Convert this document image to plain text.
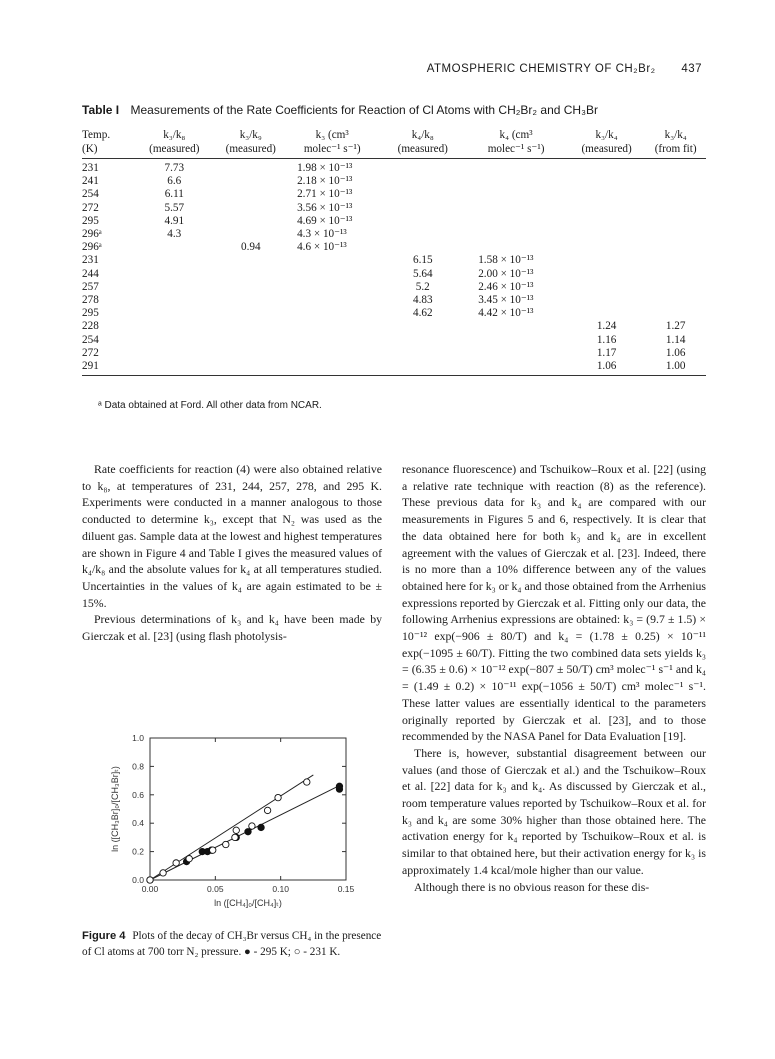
ATMOSPHERIC CHEMISTRY OF CH₂Br₂ 437
Table I Measurements of the Rate Coefficients for Reaction of Cl Atoms with CH₂Br₂ and CH₃Br
Temp.	k₃/k₈	k₃/k₉	k₃ (cm³	k₄/k₈	k₄ (cm³	k₃/k₄	k₃/k₄
(K)	(measured)	(measured)	molec⁻¹ s⁻¹)	(measured)	molec⁻¹ s⁻¹)	(measured)	(from fit)
231	7.73		1.98 × 10⁻¹³				
241	6.6		2.18 × 10⁻¹³				
254	6.11		2.71 × 10⁻¹³				
272	5.57		3.56 × 10⁻¹³				
295	4.91		4.69 × 10⁻¹³				
296ᵃ	4.3		4.3 × 10⁻¹³				
296ᵃ		0.94	4.6 × 10⁻¹³				
231				6.15	1.58 × 10⁻¹³		
244				5.64	2.00 × 10⁻¹³		
257				5.2	2.46 × 10⁻¹³		
278				4.83	3.45 × 10⁻¹³		
295				4.62	4.42 × 10⁻¹³		
228						1.24	1.27
254						1.16	1.14
272						1.17	1.06
291						1.06	1.00
ᵃ Data obtained at Ford. All other data from NCAR.

Rate coefficients for reaction (4) were also obtained relative to k₈, at temperatures of 231, 244, 257, 278, and 295 K. Experiments were conducted in a manner analogous to those conducted to determine k₃, except that N₂ was used as the diluent gas. Sample data at the lowest and highest temperatures are shown in Figure 4 and Table I gives the measured values of k₄/k₈ and the absolute values for k₄ at all temperatures studied. Uncertainties in the values of k₄ are again estimated to be ± 15%.

Previous determinations of k₃ and k₄ have been made by Gierczak et al. [23] (using flash photolysis-

resonance fluorescence) and Tschuikow–Roux et al. [22] (using a relative rate technique with reaction (8) as the reference). These previous data for k₃ and k₄ are compared with our measurements in Figures 5 and 6, respectively. It is clear that the data obtained here for both k₃ and k₄ are in excellent agreement with the values of Gierczak et al. [23]. Indeed, there is no more than a 10% difference between any of the values obtained here for k₃ or k₄ and those obtained from the Arrhenius expressions reported by Gierczak et al. Fitting only our data, the following Arrhenius expressions are obtained: k₃ = (9.7 ± 1.5) × 10⁻¹² exp(−906 ± 80/T) and k₄ = (1.78 ± 0.25) × 10⁻¹¹ exp(−1095 ± 60/T). Fitting the two combined data sets yields k₃ = (6.35 ± 0.6) × 10⁻¹² exp(−807 ± 50/T) cm³ molec⁻¹ s⁻¹ and k₄ = (1.49 ± 0.2) × 10⁻¹¹ exp(−1056 ± 50/T) cm³ molec⁻¹ s⁻¹. These latter values are essentially identical to the parameters originally reported by Gierczak et al. [23], and to those recommended by the NASA Panel for Data Evaluation [19].

There is, however, substantial disagreement between our values (and those of Gierczak et al.) and the Tschuikow–Roux et al. [22] data for k₃ and k₄. As discussed by Gierczak et al., room temperature values reported by Tschuikow–Roux et al. for k₃ and k₄ are some 30% higher than those obtained here. The activation energy for k₄ reported by Tschuikow–Roux et al. is similar to that obtained here, but their activation energy for k₃ is approximately 1.4 kcal/mole higher than our value.

Although there is no obvious reason for these dis-

0.00	0.05	0.10	0.15
0.0
0.2
0.4
0.6
0.8
1.0
ln ([CH₄]₀/[CH₄]ₜ)
ln ([CH₃Br]₀/[CH₃Br]ₜ)
Figure 4 Plots of the decay of CH₃Br versus CH₄ in the presence of Cl atoms at 700 torr N₂ pressure. ● - 295 K; ○ - 231 K.
